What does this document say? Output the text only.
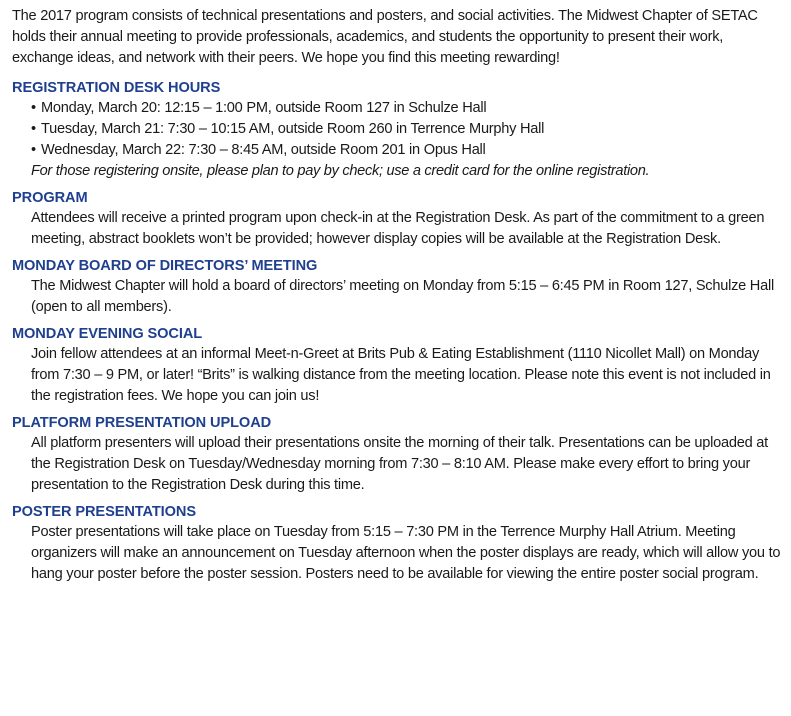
The 2017 program consists of technical presentations and posters, and social activities. The Midwest Chapter of SETAC holds their annual meeting to provide professionals, academics, and students the opportunity to present their work, exchange ideas, and network with their peers. We hope you find this meeting rewarding!

REGISTRATION DESK HOURS
• Monday, March 20: 12:15 – 1:00 PM, outside Room 127 in Schulze Hall
• Tuesday, March 21: 7:30 – 10:15 AM, outside Room 260 in Terrence Murphy Hall
• Wednesday, March 22: 7:30 – 8:45 AM, outside Room 201 in Opus Hall

For those registering onsite, please plan to pay by check; use a credit card for the online registration.

PROGRAM

Attendees will receive a printed program upon check-in at the Registration Desk. As part of the commitment to a green meeting, abstract booklets won’t be provided; however display copies will be available at the Registration Desk.

MONDAY BOARD OF DIRECTORS’ MEETING

The Midwest Chapter will hold a board of directors’ meeting on Monday from 5:15 – 6:45 PM in Room 127, Schulze Hall (open to all members).

MONDAY EVENING SOCIAL

Join fellow attendees at an informal Meet-n-Greet at Brits Pub & Eating Establishment (1110 Nicollet Mall) on Monday from 7:30 – 9 PM, or later! “Brits” is walking distance from the meeting location. Please note this event is not included in the registration fees. We hope you can join us!

PLATFORM PRESENTATION UPLOAD

All platform presenters will upload their presentations onsite the morning of their talk. Presentations can be uploaded at the Registration Desk on Tuesday/Wednesday morning from 7:30 – 8:10 AM. Please make every effort to bring your presentation to the Registration Desk during this time.

POSTER PRESENTATIONS

Poster presentations will take place on Tuesday from 5:15 – 7:30 PM in the Terrence Murphy Hall Atrium. Meeting organizers will make an announcement on Tuesday afternoon when the poster displays are ready, which will allow you to hang your poster before the poster session. Posters need to be available for viewing the entire poster social program.
